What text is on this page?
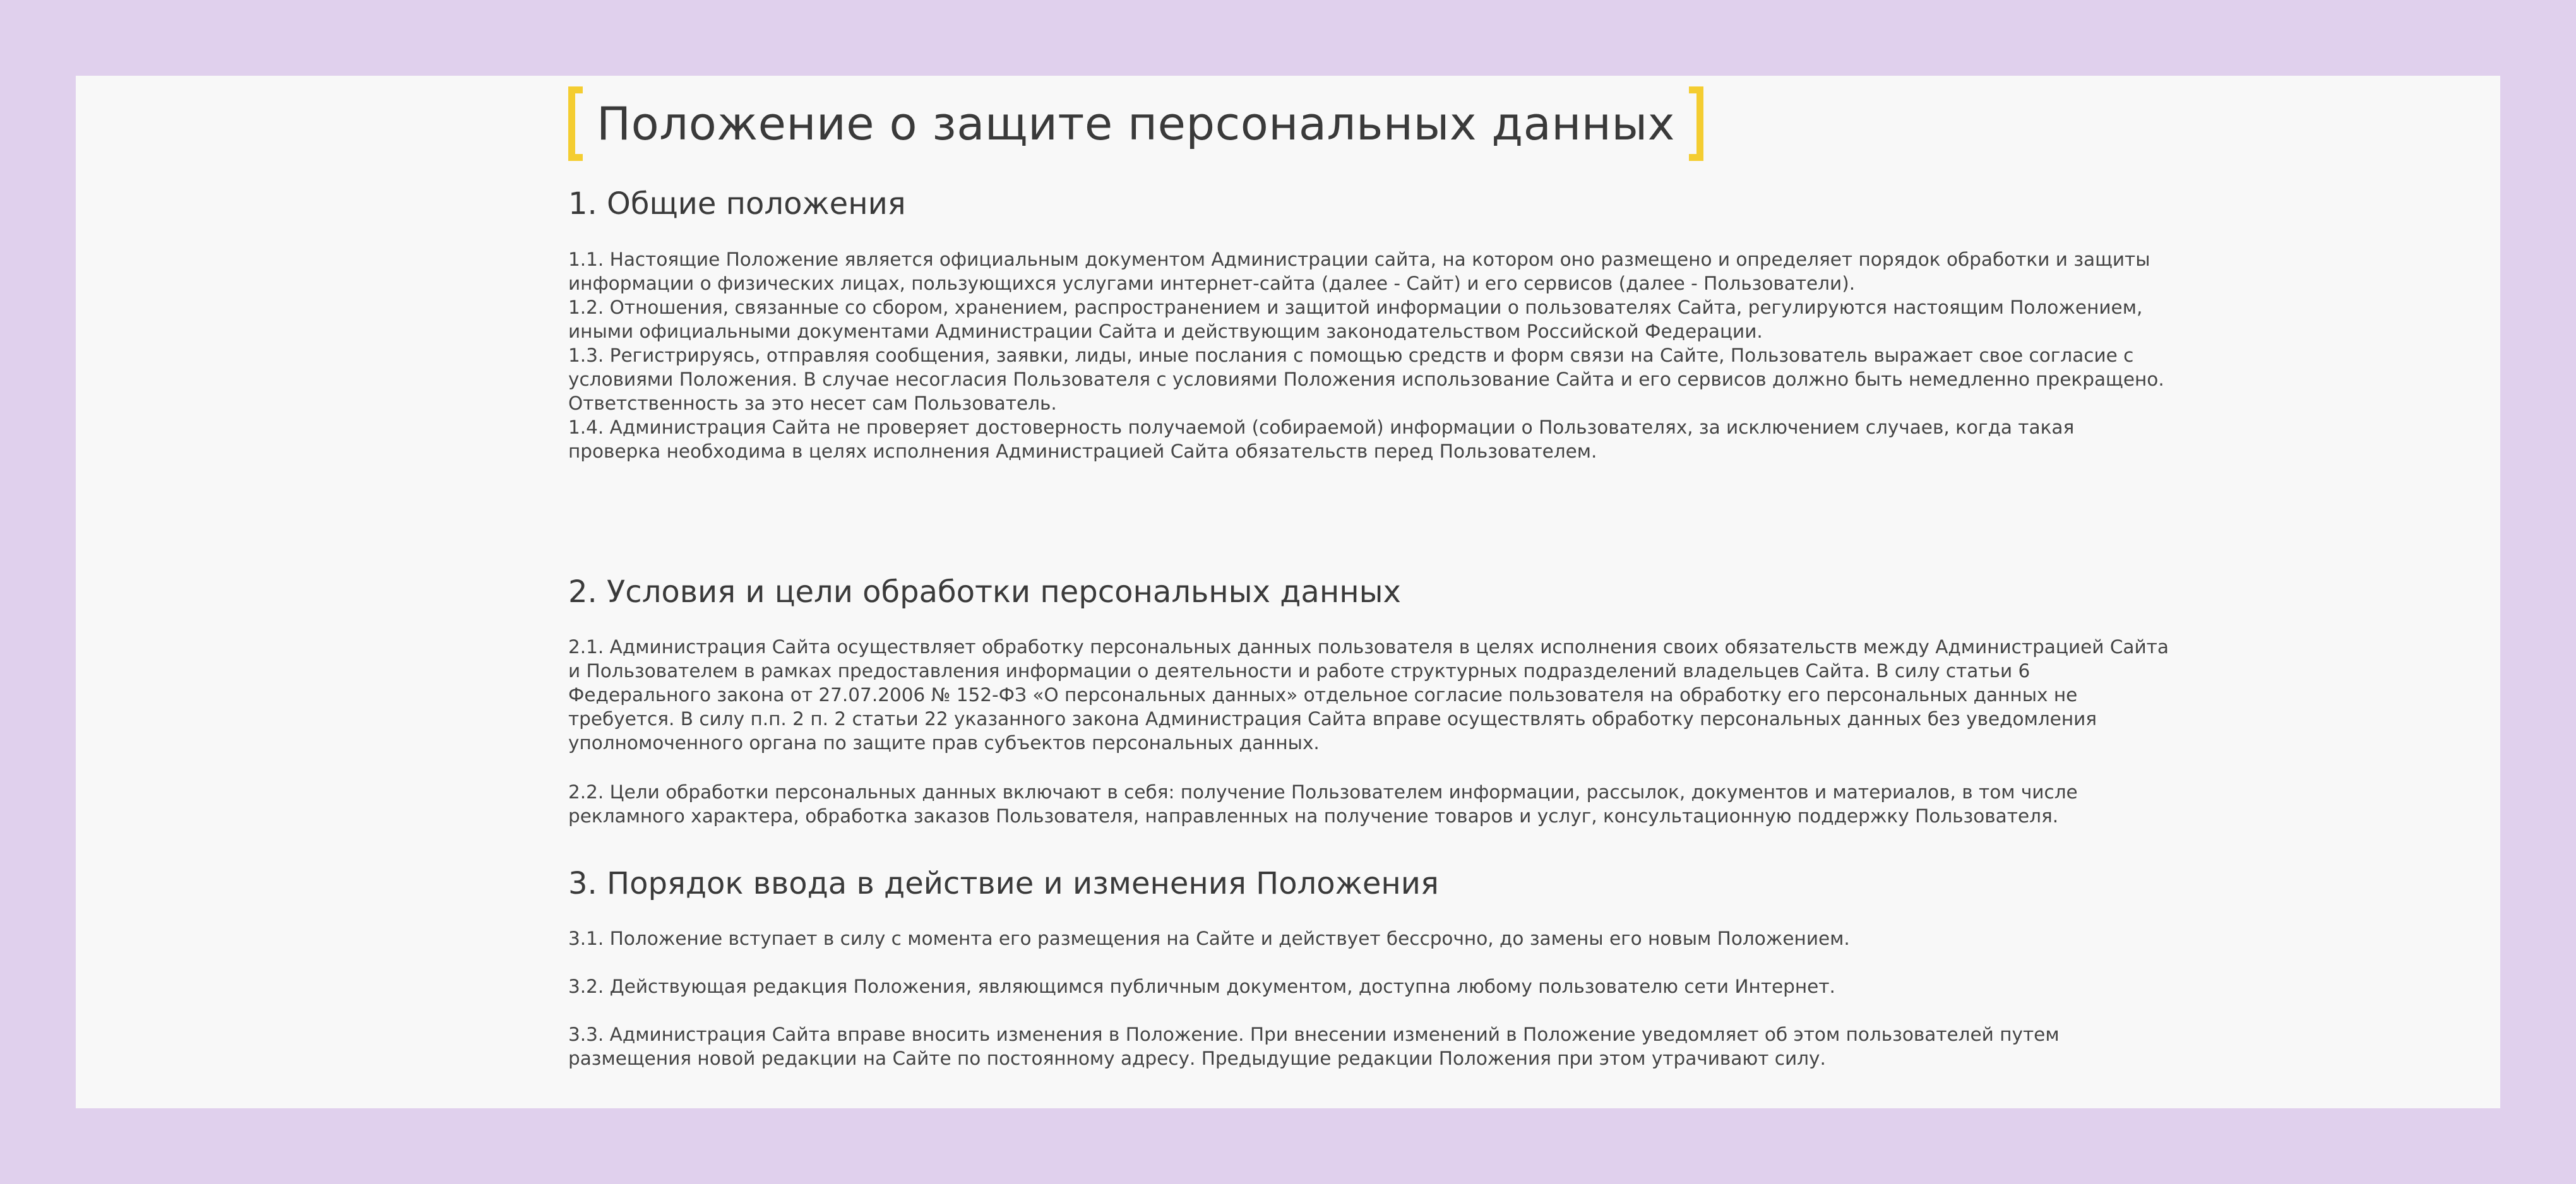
Положение о защите персональных данных
1. Общие положения

1.1. Настоящие Положение является официальным документом Администрации сайта, на котором оно размещено и определяет порядок обработки и защиты информации о физических лицах, пользующихся услугами интернет-сайта (далее - Сайт) и его сервисов (далее - Пользователи).

1.2. Отношения, связанные со сбором, хранением, распространением и защитой информации о пользователях Сайта, регулируются настоящим Положением, иными официальными документами Администрации Сайта и действующим законодательством Российской Федерации.

1.3. Регистрируясь, отправляя сообщения, заявки, лиды, иные послания с помощью средств и форм связи на Сайте, Пользователь выражает свое согласие с условиями Положения. В случае несогласия Пользователя с условиями Положения использование Сайта и его сервисов должно быть немедленно прекращено. Ответственность за это несет сам Пользователь.

1.4. Администрация Сайта не проверяет достоверность получаемой (собираемой) информации о Пользователях, за исключением случаев, когда такая проверка необходима в целях исполнения Администрацией Сайта обязательств перед Пользователем.

2. Условия и цели обработки персональных данных

2.1. Администрация Сайта осуществляет обработку персональных данных пользователя в целях исполнения своих обязательств между Администрацией Сайта и Пользователем в рамках предоставления информации о деятельности и работе структурных подразделений владельцев Сайта. В силу статьи 6 Федерального закона от 27.07.2006 № 152-ФЗ «О персональных данных» отдельное согласие пользователя на обработку его персональных данных не требуется. В силу п.п. 2 п. 2 статьи 22 указанного закона Администрация Сайта вправе осуществлять обработку персональных данных без уведомления уполномоченного органа по защите прав субъектов персональных данных.

2.2. Цели обработки персональных данных включают в себя: получение Пользователем информации, рассылок, документов и материалов, в том числе рекламного характера, обработка заказов Пользователя, направленных на получение товаров и услуг, консультационную поддержку Пользователя.

3. Порядок ввода в действие и изменения Положения

3.1. Положение вступает в силу с момента его размещения на Сайте и действует бессрочно, до замены его новым Положением.

3.2. Действующая редакция Положения, являющимся публичным документом, доступна любому пользователю сети Интернет.

3.3. Администрация Сайта вправе вносить изменения в Положение. При внесении изменений в Положение уведомляет об этом пользователей путем размещения новой редакции на Сайте по постоянному адресу. Предыдущие редакции Положения при этом утрачивают силу.
